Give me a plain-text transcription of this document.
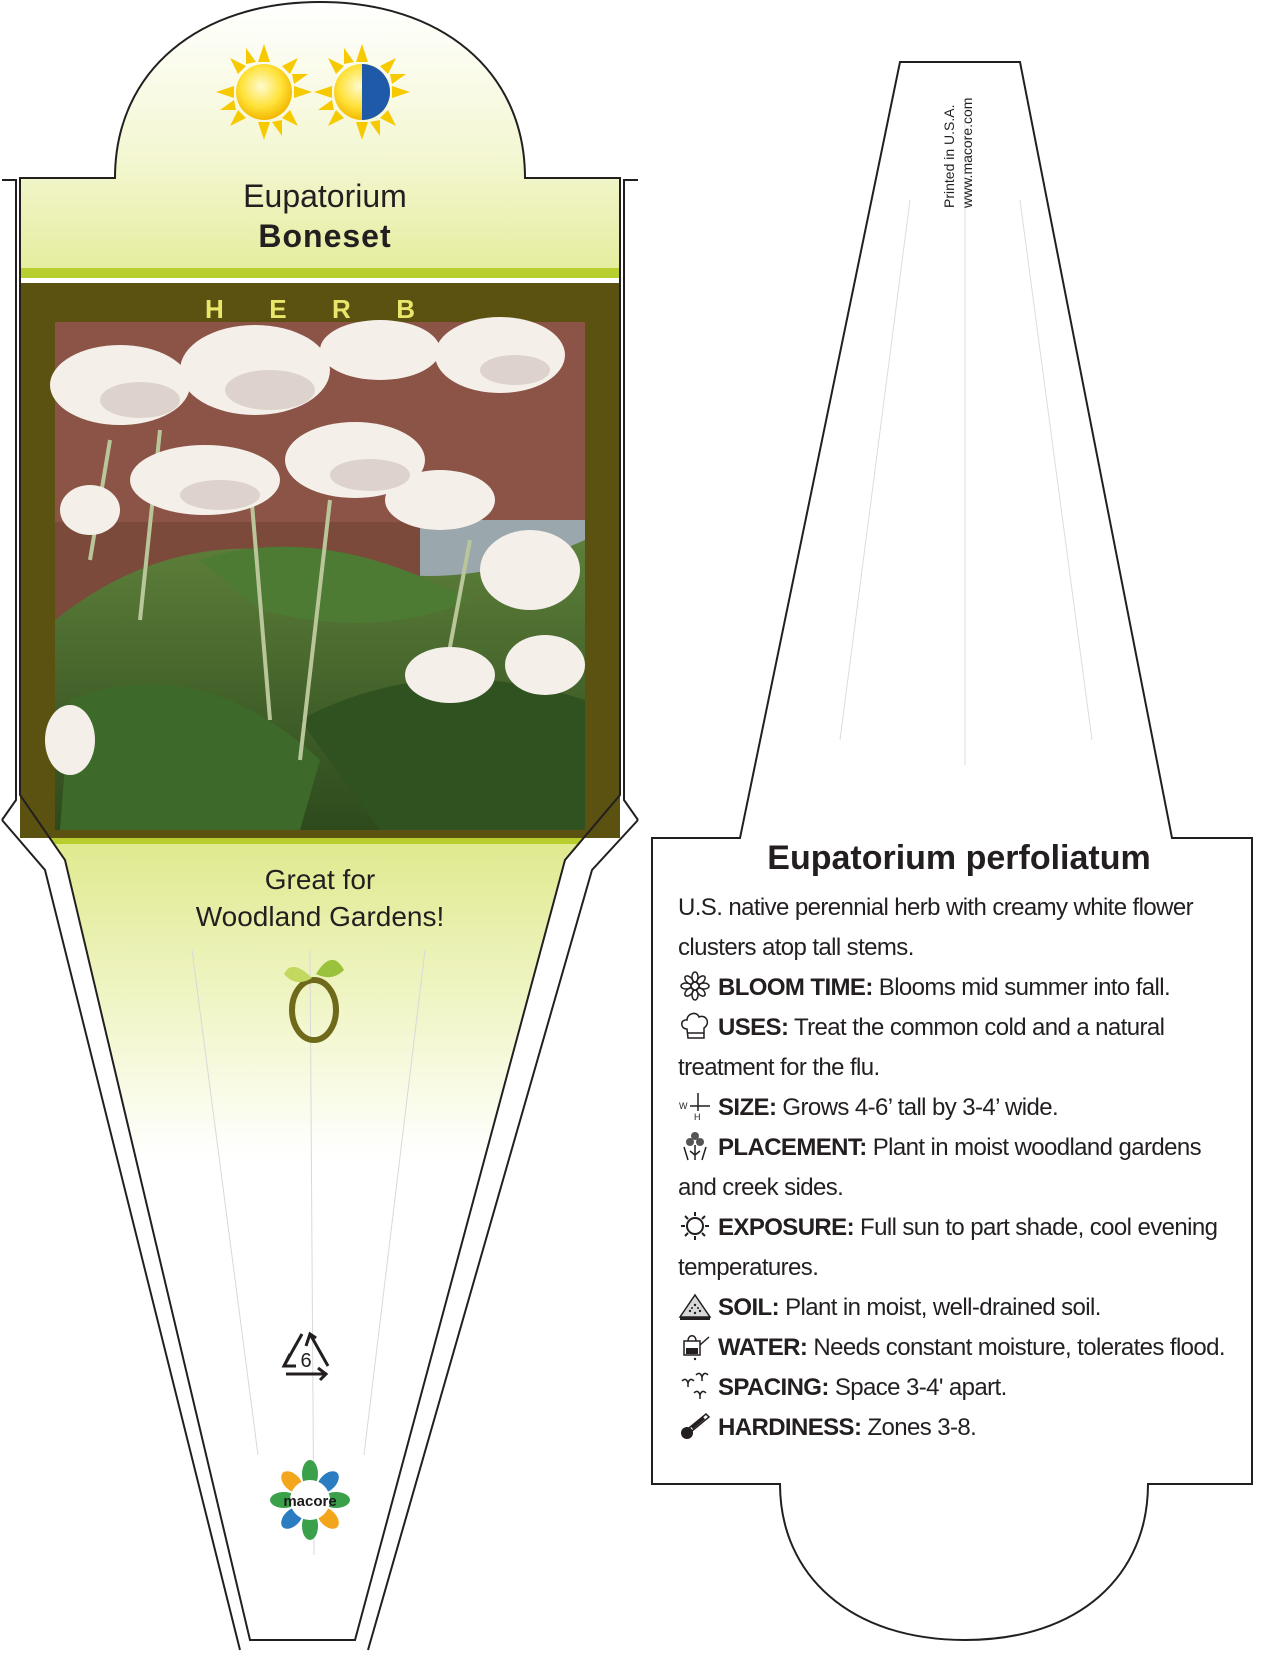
Eupatorium
Boneset
H E R B
Great for
Woodland Gardens!
6
macore
Printed in U.S.A. www.macore.com
Eupatorium perfoliatum
U.S. native perennial herb with creamy white flower
clusters atop tall stems.
BLOOM TIME: Blooms mid summer into fall.
USES: Treat the common cold and a natural
treatment for the flu.
W
H SIZE: Grows 4-6’ tall by 3-4’ wide.
PLACEMENT: Plant in moist woodland gardens
and creek sides.
EXPOSURE: Full sun to part shade, cool evening
temperatures.
SOIL: Plant in moist, well-drained soil.
WATER: Needs constant moisture, tolerates flood.
SPACING: Space 3-4' apart.
HARDINESS: Zones 3-8.
